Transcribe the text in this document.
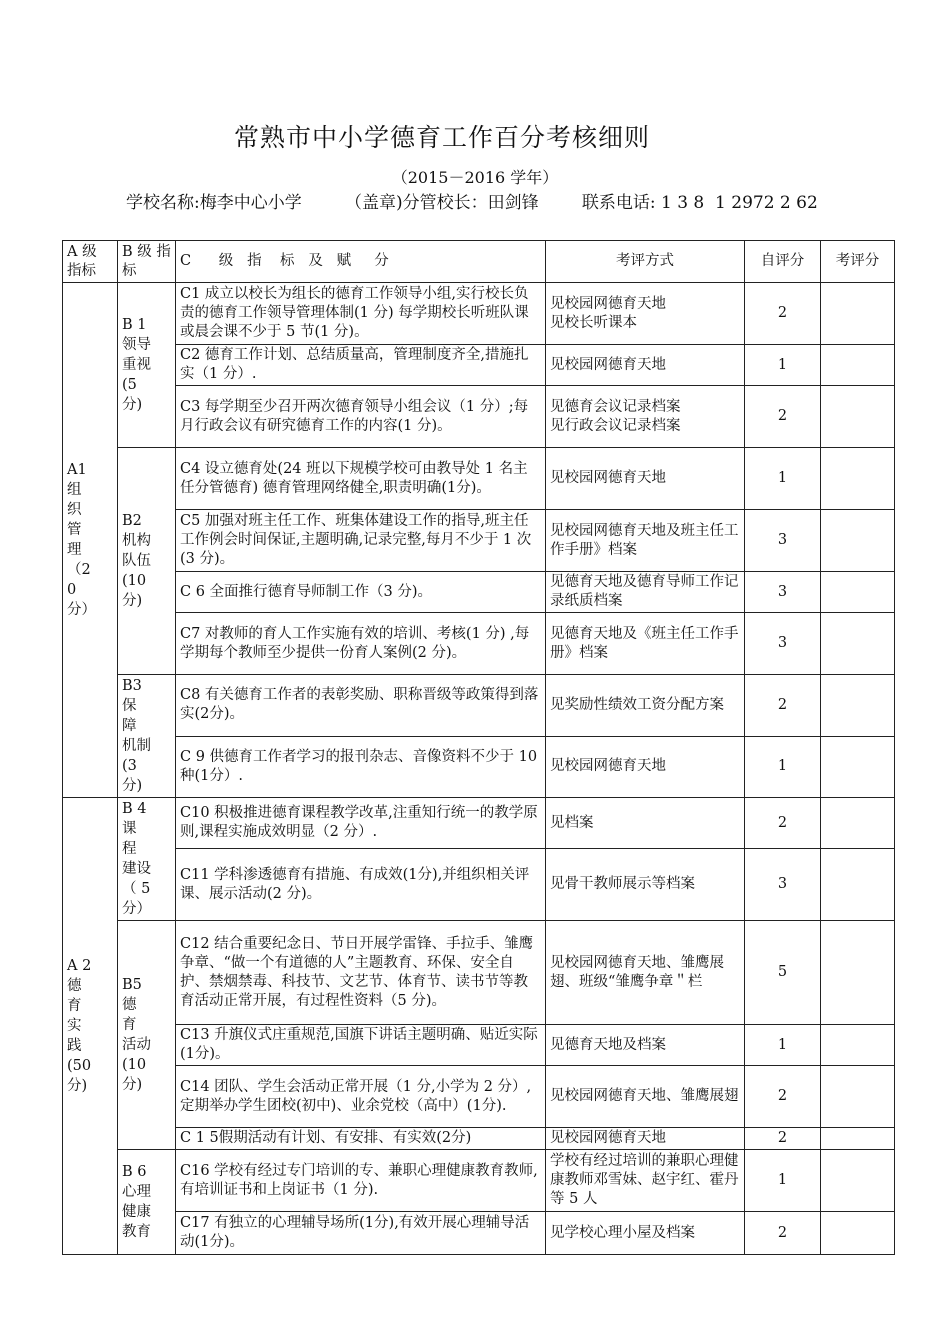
常熟市中小学德育工作百分考核细则
（2015－2016 学年）
学校名称:梅李中心小学	（盖章)分管校长：田剑锋	联系电话: 1 3 8  1 2972 2 62
A 级 指标	B 级 指标	C      级   指    标   及   赋     分	考评方式	自评分	考评分

A1 组 织 管 理 （2 0 分）	B 1 领导 重视 (5分)	C1 成立以校长为组长的德育工作领导小组,实行校长负责的德育工作领导管理体制(1 分) 每学期校长听班队课或晨会课不少于 5 节(1 分)。	见校园网德育天地
见校长听课本	2	
		C2 德育工作计划、总结质量高，管理制度齐全,措施扎实（1 分）.	见校园网德育天地	1	
		C3 每学期至少召开两次德育领导小组会议（1 分）;每月行政会议有研究德育工作的内容(1 分)。	见德育会议记录档案
见行政会议记录档案	2	

	B2 机构 队伍 (10 分)	C4 设立德育处(24 班以下规模学校可由教导处 1 名主任分管德育) 德育管理网络健全,职责明确(1分)。	见校园网德育天地	1	
		C5 加强对班主任工作、班集体建设工作的指导,班主任工作例会时间保证,主题明确,记录完整,每月不少于 1 次(3 分)。	见校园网德育天地及班主任工作手册》档案	3	
		C 6 全面推行德育导师制工作（3 分)。	见德育天地及德育导师工作记录纸质档案	3	
		C7 对教师的育人工作实施有效的培训、考核(1 分) ,每学期每个教师至少提供一份育人案例(2 分)。	见德育天地及《班主任工作手册》档案	3	

	B3 保 障 机制 (3分)	C8 有关德育工作者的表彰奖励、职称晋级等政策得到落实(2分)。	见奖励性绩效工资分配方案	2	
		C 9 供德育工作者学习的报刊杂志、音像资料不少于 10 种(1分）.	见校园网德育天地	1	

A 2 德 育 实 践 (50 分)	B 4 课 程 建设 （ 5 分）	C10 积极推进德育课程教学改革,注重知行统一的教学原则,课程实施成效明显（2 分）.	见档案	2	
		C11 学科渗透德育有措施、有成效(1分),并组织相关评课、展示活动(2 分)。	见骨干教师展示等档案	3	

	B5 德 育 活动 (10 分)	C12 结合重要纪念日、节日开展学雷锋、手拉手、雏鹰争章、“做一个有道德的人”主题教育、环保、安全自护、禁烟禁毒、科技节、文艺节、体育节、读书节等教育活动正常开展，有过程性资料（5 分)。	见校园网德育天地、雏鹰展翅、班级“雏鹰争章＂栏	5	
		C13 升旗仪式庄重规范,国旗下讲话主题明确、贴近实际(1分)。	见德育天地及档案	1	
		C14 团队、学生会活动正常开展（1 分,小学为 2 分）,定期举办学生团校(初中)、业余党校（高中）(1分).	见校园网德育天地、雏鹰展翅	2	
		C 1 5假期活动有计划、有安排、有实效(2分)	见校园网德育天地	2	

	B 6 心理 健康 教育	C16 学校有经过专门培训的专、兼职心理健康教育教师,有培训证书和上岗证书（1 分).	学校有经过培训的兼职心理健康教师邓雪妹、赵宇红、霍丹等 5 人	1	
		C17 有独立的心理辅导场所(1分),有效开展心理辅导活动(1分)。	见学校心理小屋及档案	2	
